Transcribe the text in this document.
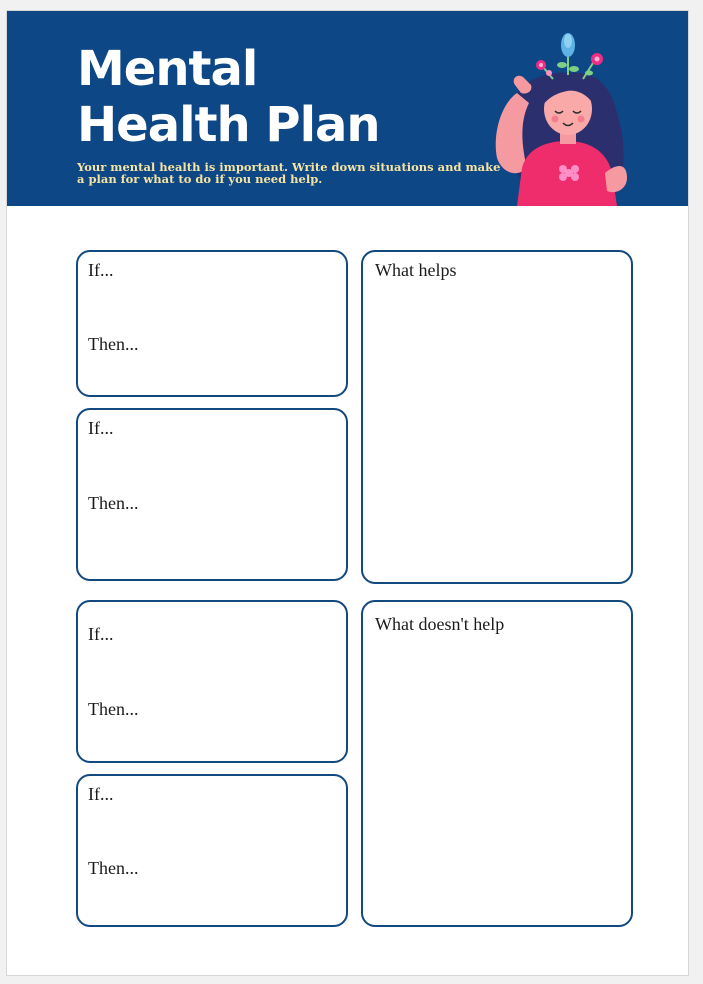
Mental
Health Plan

Your mental health is important. Write down situations and make a plan for what to do if you need help.

If...

Then...

If...

Then...

If...

Then...

If...

Then...

What helps

What doesn't help
